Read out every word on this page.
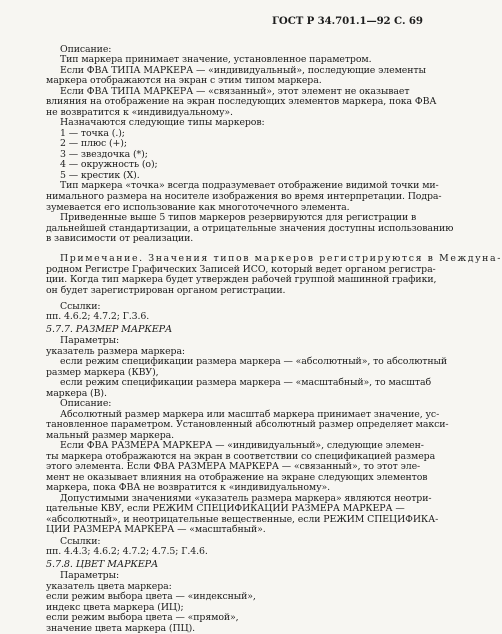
ГОСТ Р 34.701.1—92 С. 69
Описание:
Тип маркера принимает значение, установленное параметром.
Если ФВА ТИПА МАРКЕРА — «индивидуальный», последующие элементы
маркера отображаются на экран с этим типом маркера.
Если ФВА ТИПА МАРКЕРА — «связанный», этот элемент не оказывает
влияния на отображение на экран последующих элементов маркера, пока ФВА
не возвратится к «индивидуальному».
Назначаются следующие типы маркеров:
1 — точка (.);
2 — плюс (+);
3 — звездочка (*);
4 — окружность (о);
5 — крестик (X).
Тип маркера «точка» всегда подразумевает отображение видимой точки ми-
нимального размера на носителе изображения во время интерпретации. Подра-
зумевается его использование как многоточечного элемента.
Приведенные выше 5 типов маркеров резервируются для регистрации в
дальнейшей стандартизации, а отрицательные значения доступны использованию
в зависимости от реализации.
Примечание. Значения типов маркеров регистрируются в Междуна-
родном Регистре Графических Записей ИСО, который ведет органом регистра-
ции. Когда тип маркера будет утвержден рабочей группой машинной графики,
он будет зарегистрирован органом регистрации.
Ссылки:
пп. 4.6.2; 4.7.2; Г.3.6.
5.7.7. РАЗМЕР МАРКЕРА
Параметры:
указатель размера маркера:
если режим спецификации размера маркера — «абсолютный», то абсолютный
размер маркера (КВУ),
если режим спецификации размера маркера — «масштабный», то масштаб
маркера (В).
Описание:
Абсолютный размер маркера или масштаб маркера принимает значение, ус-
тановленное параметром. Установленный абсолютный размер определяет макси-
мальный размер маркера.
Если ФВА РАЗМЕРА МАРКЕРА — «индивидуальный», следующие элемен-
ты маркера отображаются на экран в соответствии со спецификацией размера
этого элемента. Если ФВА РАЗМЕРА МАРКЕРА — «связанный», то этот эле-
мент не оказывает влияния на отображение на экране следующих элементов
маркера, пока ФВА не возвратится к «индивидуальному».
Допустимыми значениями «указатель размера маркера» являются неотри-
цательные КВУ, если РЕЖИМ СПЕЦИФИКАЦИИ РАЗМЕРА МАРКЕРА —
«абсолютный», и неотрицательные вещественные, если РЕЖИМ СПЕЦИФИКА-
ЦИИ РАЗМЕРА МАРКЕРА — «масштабный».
Ссылки:
пп. 4.4.3; 4.6.2; 4.7.2; 4.7.5; Г.4.6.
5.7.8. ЦВЕТ МАРКЕРА
Параметры:
указатель цвета маркера:
если режим выбора цвета — «индексный»,
индекс цвета маркера (ИЦ);
если режим выбора цвета — «прямой»,
значение цвета маркера (ПЦ).
